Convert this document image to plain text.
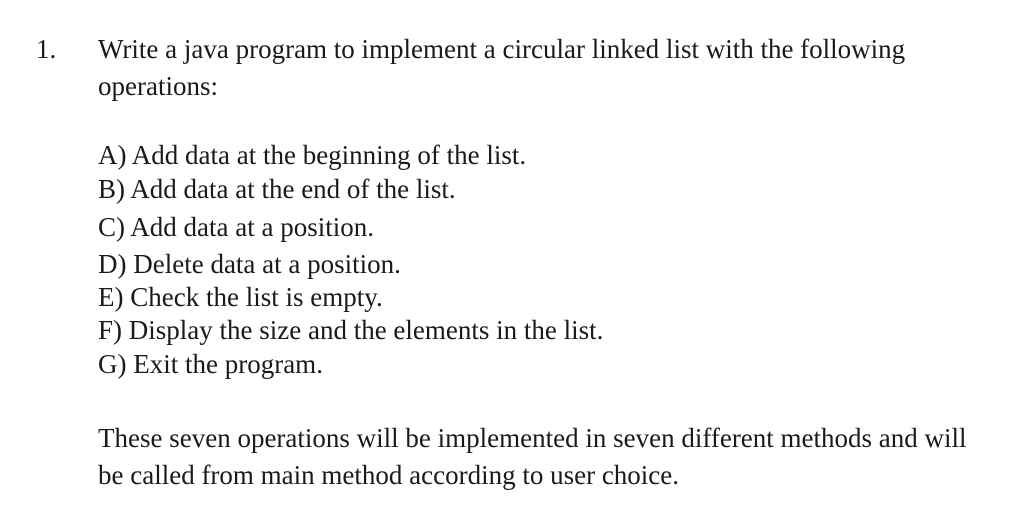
1. Write a java program to implement a circular linked list with the following operations:
A) Add data at the beginning of the list.
B) Add data at the end of the list.
C) Add data at a position.
D) Delete data at a position.
E) Check the list is empty.
F) Display the size and the elements in the list.
G) Exit the program.
These seven operations will be implemented in seven different methods and will be called from main method according to user choice.
